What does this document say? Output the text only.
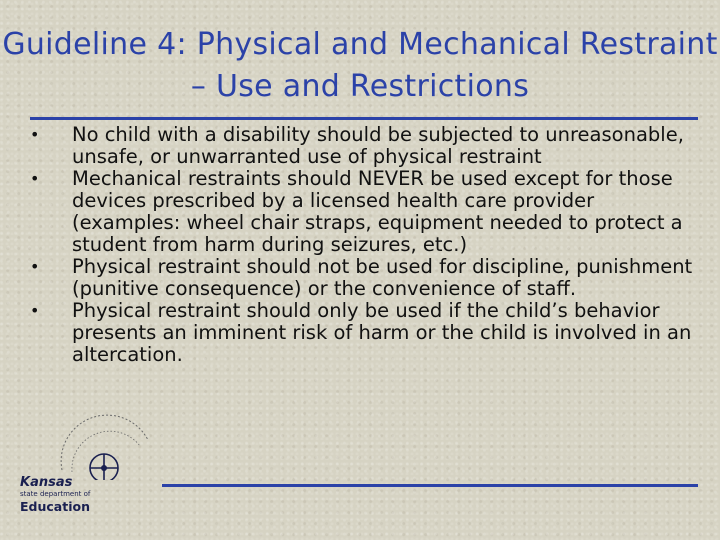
Guideline 4: Physical and Mechanical Restraint – Use and Restrictions
• No child with a disability should be subjected to unreasonable, unsafe, or unwarranted use of physical restraint
• Mechanical restraints should NEVER be used except for those devices prescribed by a licensed health care provider (examples: wheel chair straps, equipment needed to protect a student from harm during seizures, etc.)
• Physical restraint should not be used for discipline, punishment (punitive consequence) or the convenience of staff.
• Physical restraint should only be used if the child’s behavior presents an imminent risk of harm or the child is involved in an altercation.
Kansas
state department of
Education
